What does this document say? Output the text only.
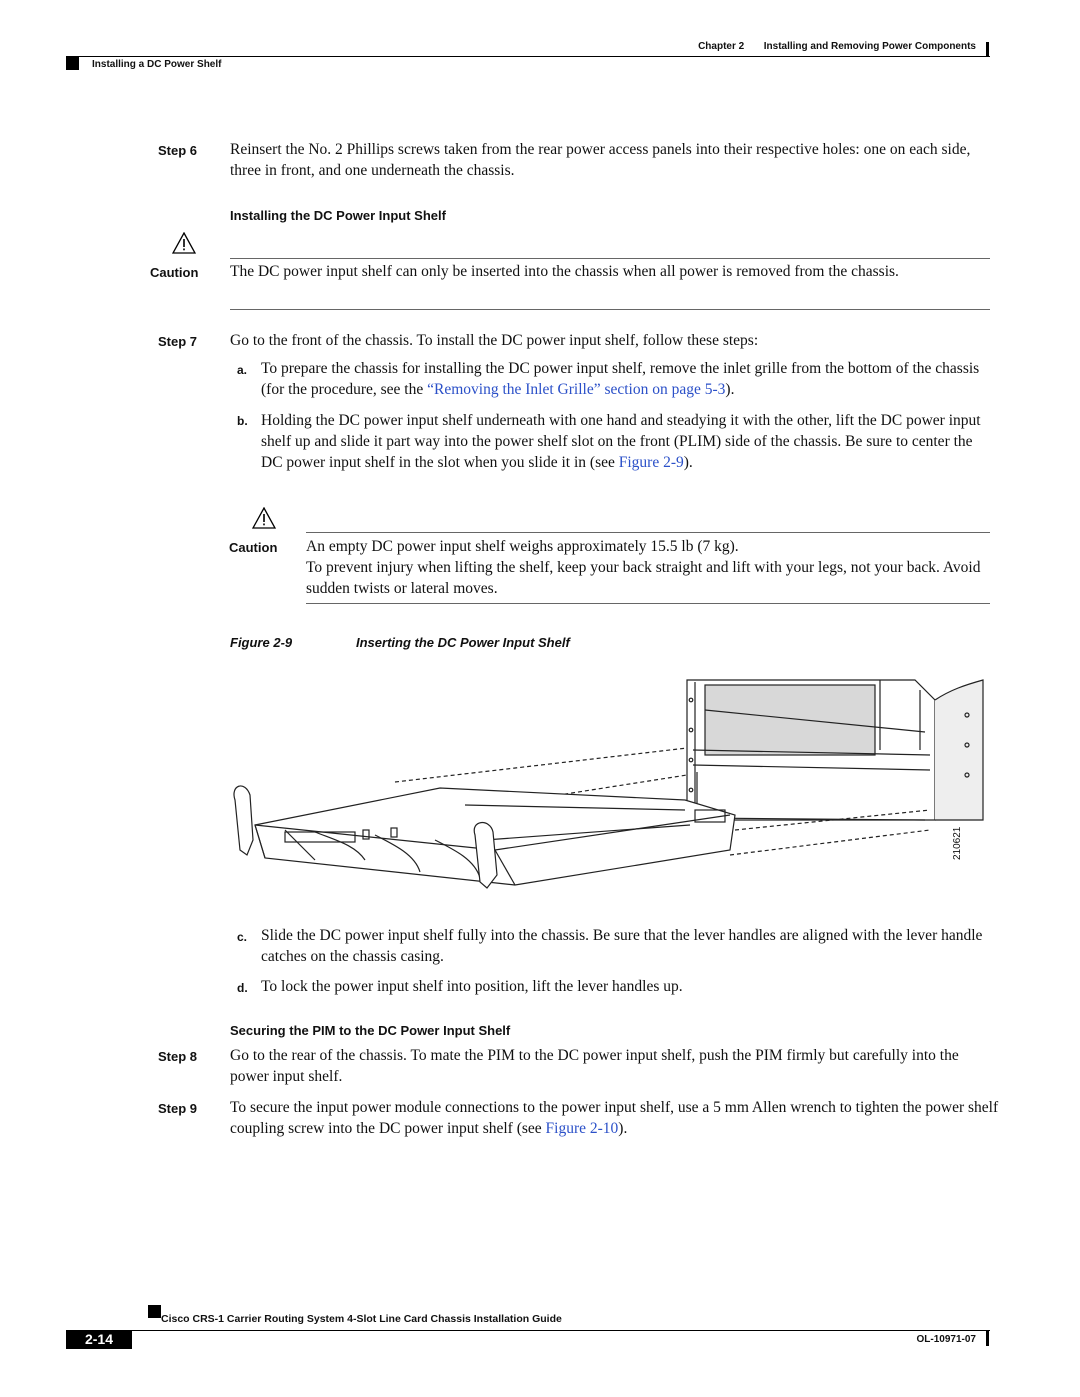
Chapter 2 Installing and Removing Power Components
Installing a DC Power Shelf
Step 6 Reinsert the No. 2 Phillips screws taken from the rear power access panels into their respective holes: one on each side, three in front, and one underneath the chassis.
Installing the DC Power Input Shelf
Caution The DC power input shelf can only be inserted into the chassis when all power is removed from the chassis.
Step 7 Go to the front of the chassis. To install the DC power input shelf, follow these steps:
a. To prepare the chassis for installing the DC power input shelf, remove the inlet grille from the bottom of the chassis (for the procedure, see the “Removing the Inlet Grille” section on page 5-3).
b. Holding the DC power input shelf underneath with one hand and steadying it with the other, lift the DC power input shelf up and slide it part way into the power shelf slot on the front (PLIM) side of the chassis. Be sure to center the DC power input shelf in the slot when you slide it in (see Figure 2-9).
Caution An empty DC power input shelf weighs approximately 15.5 lb (7 kg).
To prevent injury when lifting the shelf, keep your back straight and lift with your legs, not your back. Avoid sudden twists or lateral moves.
Figure 2-9	Inserting the DC Power Input Shelf
210621
c. Slide the DC power input shelf fully into the chassis. Be sure that the lever handles are aligned with the lever handle catches on the chassis casing.
d. To lock the power input shelf into position, lift the lever handles up.
Securing the PIM to the DC Power Input Shelf
Step 8 Go to the rear of the chassis. To mate the PIM to the DC power input shelf, push the PIM firmly but carefully into the power input shelf.
Step 9 To secure the input power module connections to the power input shelf, use a 5 mm Allen wrench to tighten the power shelf coupling screw into the DC power input shelf (see Figure 2-10).
Cisco CRS-1 Carrier Routing System 4-Slot Line Card Chassis Installation Guide
2-14	OL-10971-07
